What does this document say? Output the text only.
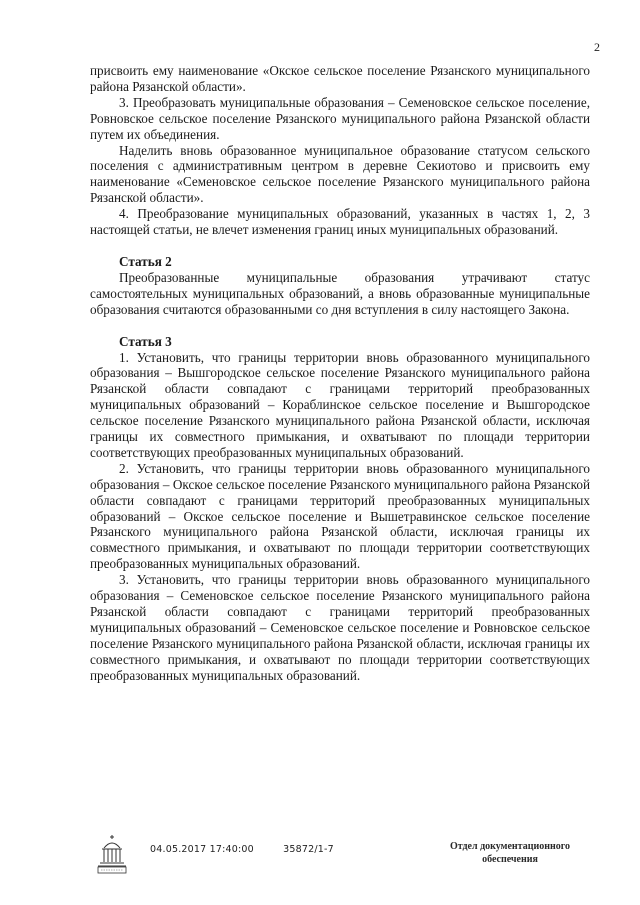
2

присвоить ему наименование «Окское сельское поселение Рязанского муниципального района Рязанской области».

3. Преобразовать муниципальные образования – Семеновское сельское поселение, Ровновское сельское поселение Рязанского муниципального района Рязанской области путем их объединения.

Наделить вновь образованное муниципальное образование статусом сельского поселения с административным центром в деревне Секиотово и присвоить ему наименование «Семеновское сельское поселение Рязанского муниципального района Рязанской области».

4. Преобразование муниципальных образований, указанных в частях 1, 2, 3 настоящей статьи, не влечет изменения границ иных муниципальных образований.

Статья 2

Преобразованные муниципальные образования утрачивают статус самостоятельных муниципальных образований, а вновь образованные муниципальные образования считаются образованными со дня вступления в силу настоящего Закона.

Статья 3

1. Установить, что границы территории вновь образованного муниципального образования – Вышгородское сельское поселение Рязанского муниципального района Рязанской области совпадают с границами территорий преобразованных муниципальных образований – Кораблинское сельское поселение и Вышгородское сельское поселение Рязанского муниципального района Рязанской области, исключая границы их совместного примыкания, и охватывают по площади территории соответствующих преобразованных муниципальных образований.

2. Установить, что границы территории вновь образованного муниципального образования – Окское сельское поселение Рязанского муниципального района Рязанской области совпадают с границами территорий преобразованных муниципальных образований – Окское сельское поселение и Вышетравинское сельское поселение Рязанского муниципального района Рязанской области, исключая границы их совместного примыкания, и охватывают по площади территории соответствующих преобразованных муниципальных образований.

3. Установить, что границы территории вновь образованного муниципального образования – Семеновское сельское поселение Рязанского муниципального района Рязанской области совпадают с границами территорий преобразованных муниципальных образований – Семеновское сельское поселение и Ровновское сельское поселение Рязанского муниципального района Рязанской области, исключая границы их совместного примыкания, и охватывают по площади территории соответствующих преобразованных муниципальных образований.

04.05.2017 17:40:00	35872/1-7	Отдел документационного
обеспечения
